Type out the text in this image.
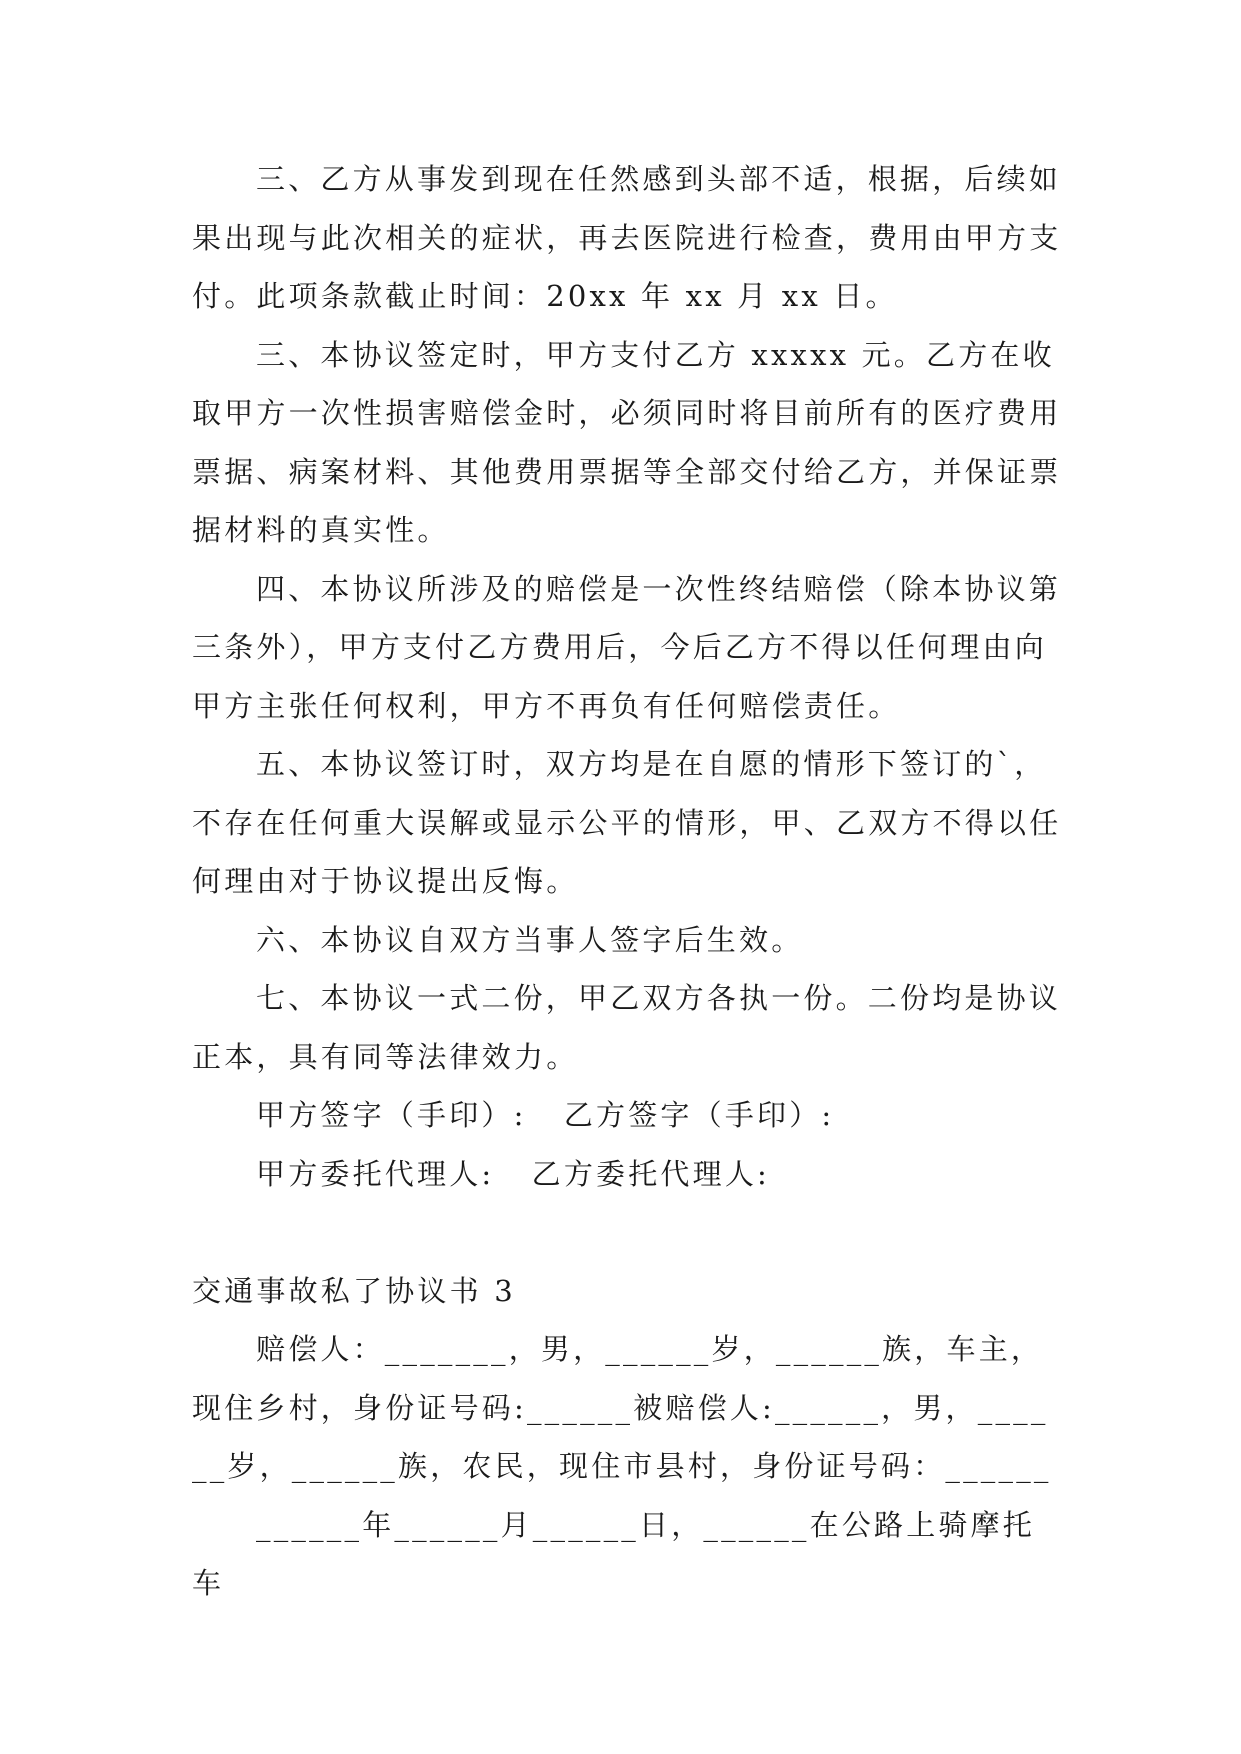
三、乙方从事发到现在任然感到头部不适，根据，后续如果出现与此次相关的症状，再去医院进行检查，费用由甲方支付。此项条款截止时间：20xx 年 xx 月 xx 日。

三、本协议签定时，甲方支付乙方 xxxxx 元。乙方在收取甲方一次性损害赔偿金时，必须同时将目前所有的医疗费用票据、病案材料、其他费用票据等全部交付给乙方，并保证票据材料的真实性。

四、本协议所涉及的赔偿是一次性终结赔偿（除本协议第三条外），甲方支付乙方费用后，今后乙方不得以任何理由向甲方主张任何权利，甲方不再负有任何赔偿责任。

五、本协议签订时，双方均是在自愿的情形下签订的`，不存在任何重大误解或显示公平的情形，甲、乙双方不得以任何理由对于协议提出反悔。

六、本协议自双方当事人签字后生效。

七、本协议一式二份，甲乙双方各执一份。二份均是协议正本，具有同等法律效力。

甲方签字（手印）:   乙方签字（手印）:

甲方委托代理人:   乙方委托代理人:

交通事故私了协议书 3

赔偿人：_______，男，______岁，______族，车主，现住乡村，身份证号码:______被赔偿人:______，男，______岁，______族，农民，现住市县村，身份证号码：______

______年______月______日，______在公路上骑摩托车
